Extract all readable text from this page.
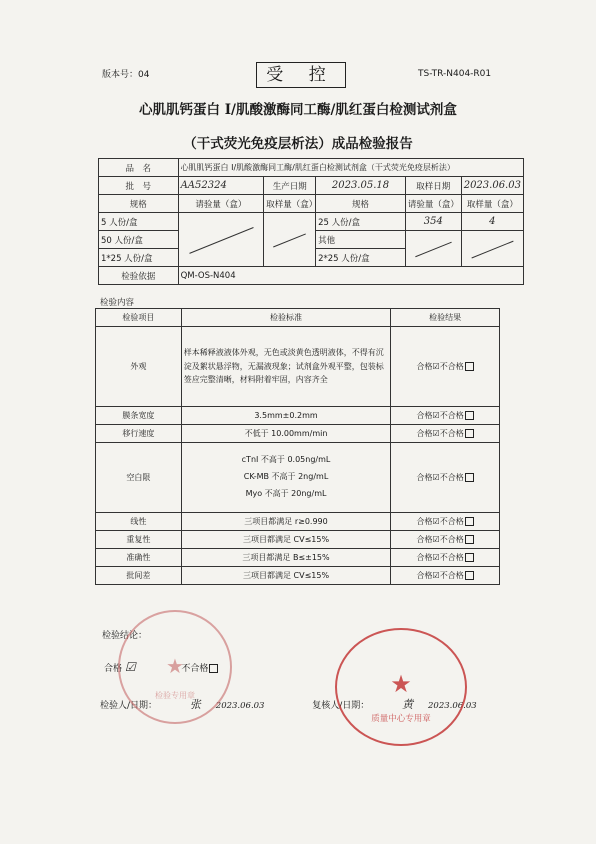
版本号：04	受 控	TS-TR-N404-R01
心肌肌钙蛋白 I/肌酸激酶同工酶/肌红蛋白检测试剂盒
（干式荧光免疫层析法）成品检验报告
品　名	心肌肌钙蛋白 I/肌酸激酶同工酶/肌红蛋白检测试剂盒（干式荧光免疫层析法）				
批　号	AA52324	生产日期	2023.05.18	取样日期	2023.06.03
规格	请验量（盒）	取样量（盒）	规格	请验量（盒）	取样量（盒）
5 人份/盒			25 人份/盒	354	4
50 人份/盒			其他	

1*25 人份/盒			2*25 人份/盒		
检验依据	QM-OS-N404				
检验内容
检验项目	检验标准	检验结果
外观	样本稀释液液体外观，无色或淡黄色透明液体，不得有沉淀及絮状悬浮物，无漏液现象；试剂盒外观平整，包装标签应完整清晰，材料附着牢固，内容齐全	合格☑不合格
膜条宽度	3.5mm±0.2mm	合格☑不合格
移行速度	不低于 10.00mm/min	合格☑不合格
空白限	cTnI 不高于 0.05ng/mL
CK-MB 不高于 2ng/mL
Myo 不高于 20ng/mL	合格☑不合格
线性	三项目都满足 r≥0.990	合格☑不合格
重复性	三项目都满足 CV≤15%	合格☑不合格
准确性	三项目都满足 B≤±15%	合格☑不合格
批间差	三项目都满足 CV≤15%	合格☑不合格
检验结论：
合格 ☑	不合格
检验人/日期：	张 2023.06.03	复核人/日期：	黄 2023.06.03
★
检验专用章	★
质量中心专用章
